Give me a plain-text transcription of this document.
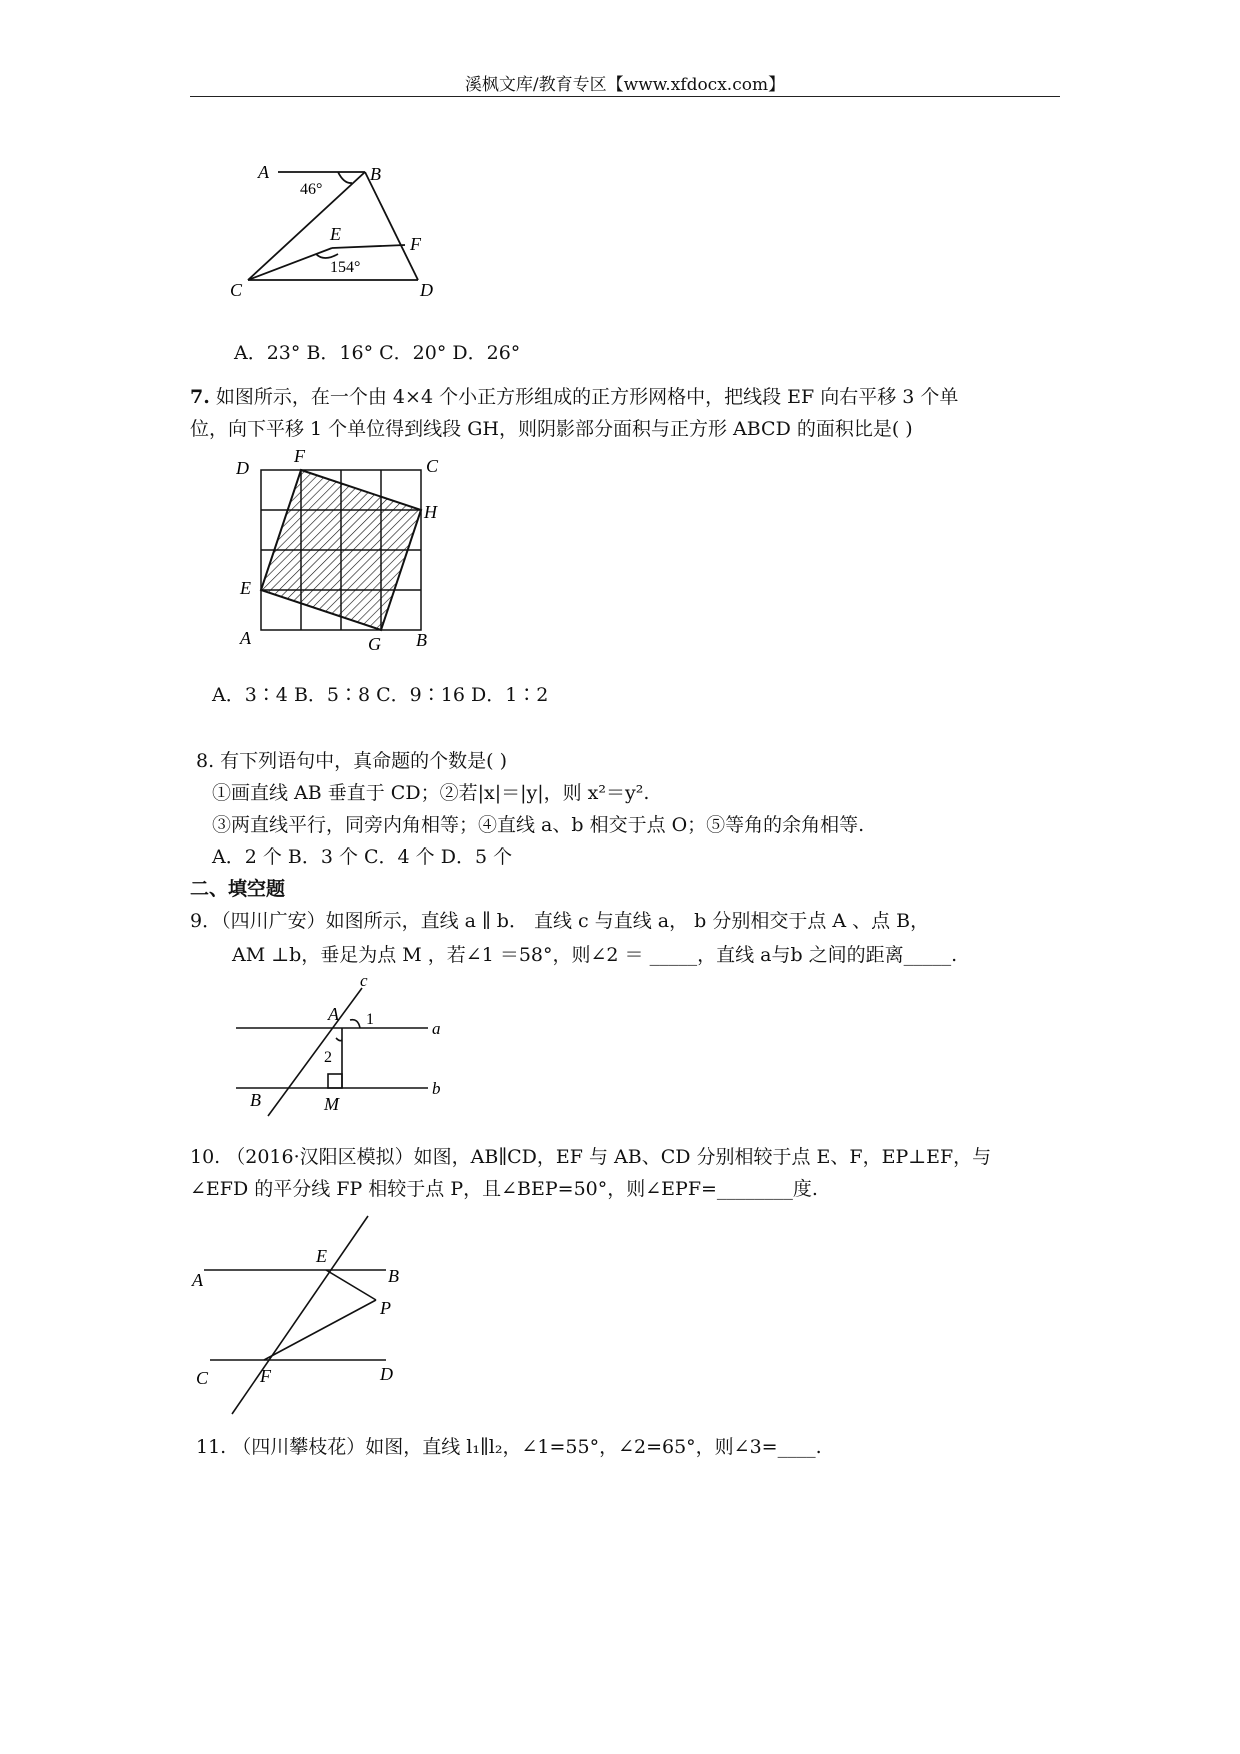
溪枫文库/教育专区【www.xfdocx.com】
A	B
C	D
E	F
46°
154°
A．23° B．16° C．20° D．26°
7. 如图所示，在一个由 4×4 个小正方形组成的正方形网格中，把线段 EF 向右平移 3 个单
位，向下平移 1 个单位得到线段 GH，则阴影部分面积与正方形 ABCD 的面积比是( )
D
F	C
H
E
A	G B
A．3∶4 B．5∶8 C．9∶16 D．1∶2
8. 有下列语句中，真命题的个数是( )
①画直线 AB 垂直于 CD；②若|x|＝|y|，则 x²＝y².
③两直线平行，同旁内角相等；④直线 a、b 相交于点 O；⑤等角的余角相等.
A．2 个 B．3 个 C．4 个 D．5 个
二、填空题
9．（四川广安）如图所示，直线 a ∥ b． 直线 c 与直线 a， b 分别相交于点 A 、点 B，
AM ⊥b，垂足为点 M ，若∠1 ＝58°，则∠2 ＝ _____，直线 a与b 之间的距离_____.
c
A 1	a
2
B	M
b
10. （2016·汉阳区模拟）如图，AB∥CD，EF 与 AB、CD 分别相较于点 E、F，EP⊥EF，与
∠EFD 的平分线 FP 相较于点 P，且∠BEP=50°，则∠EPF=________度.
E
A	B
P
C	F	D
11. （四川攀枝花）如图，直线 l₁∥l₂，∠1=55°，∠2=65°，则∠3=____.
